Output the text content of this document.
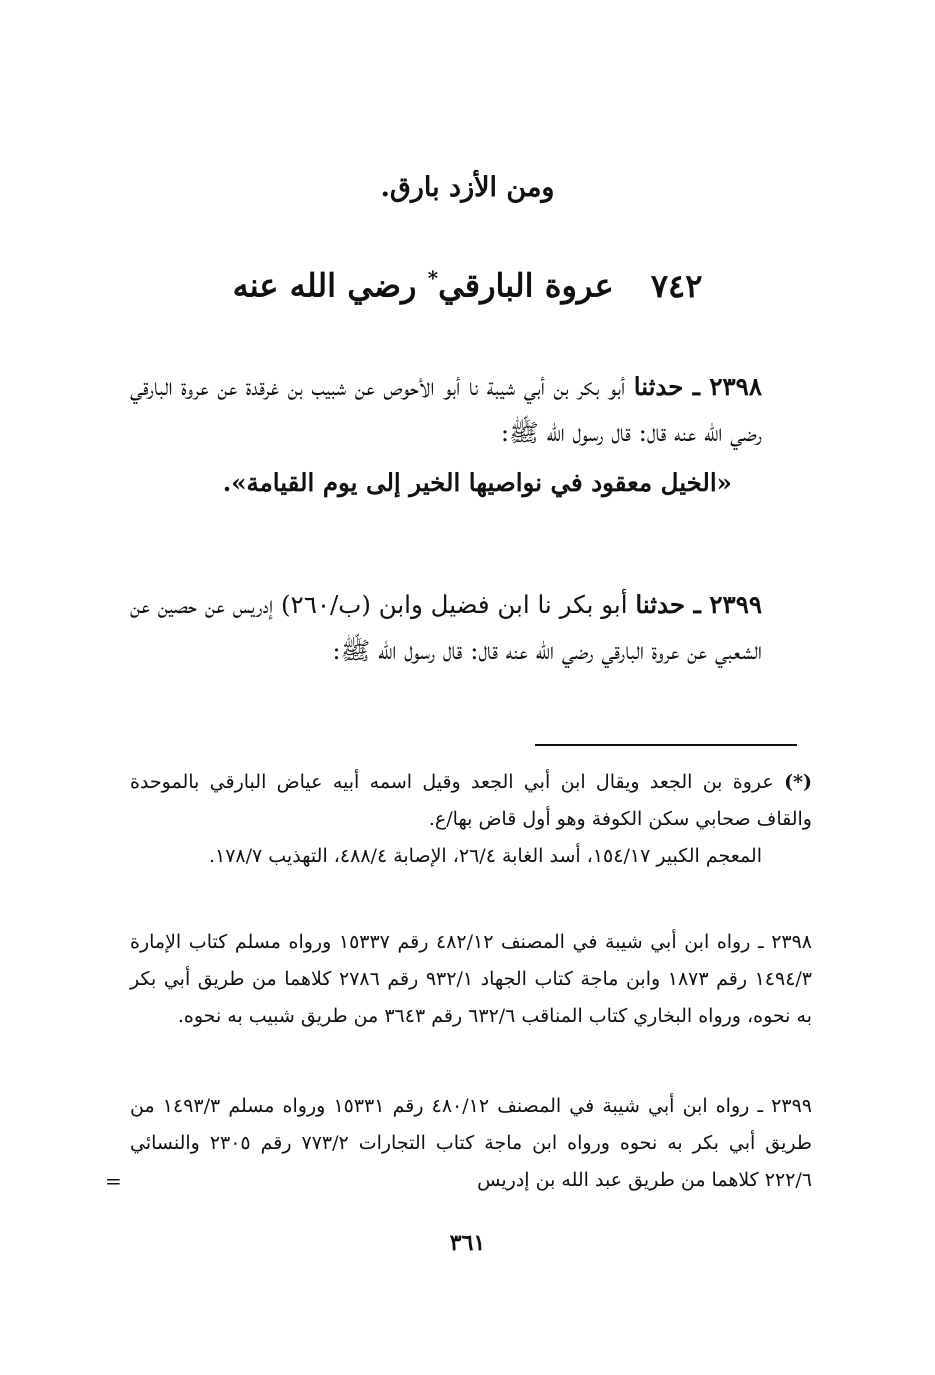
ومن الأزد بارق.
٧٤٢ عروة البارقي* رضي الله عنه

٢٣٩٨ ـ حدثنا أبو بكر بن أبي شيبة نا أبو الأحوص عن شبيب بن غرقدة عن عروة البارقي رضي الله عنه قال: قال رسول الله ﷺ:

«الخيل معقود في نواصيها الخير إلى يوم القيامة».

٢٣٩٩ ـ حدثنا أبو بكر نا ابن فضيل وابن (ب/٢٦٠) إدريس عن حصين عن الشعبي عن عروة البارقي رضي الله عنه قال: قال رسول الله ﷺ:

(*) عروة بن الجعد ويقال ابن أبي الجعد وقيل اسمه أبيه عياض البارقي بالموحدة والقاف صحابي سكن الكوفة وهو أول قاض بها/ع.

المعجم الكبير ١٥٤/١٧، أسد الغابة ٢٦/٤، الإصابة ٤٨٨/٤، التهذيب ١٧٨/٧.

٢٣٩٨ ـ رواه ابن أبي شيبة في المصنف ٤٨٢/١٢ رقم ١٥٣٣٧ ورواه مسلم كتاب الإمارة ١٤٩٤/٣ رقم ١٨٧٣ وابن ماجة كتاب الجهاد ٩٣٢/١ رقم ٢٧٨٦ كلاهما من طريق أبي بكر به نحوه، ورواه البخاري كتاب المناقب ٦٣٢/٦ رقم ٣٦٤٣ من طريق شبيب به نحوه.

٢٣٩٩ ـ رواه ابن أبي شيبة في المصنف ٤٨٠/١٢ رقم ١٥٣٣١ ورواه مسلم ١٤٩٣/٣ من طريق أبي بكر به نحوه ورواه ابن ماجة كتاب التجارات ٧٧٣/٢ رقم ٢٣٠٥ والنسائي ٢٢٢/٦ كلاهما من طريق عبد الله بن إدريس

=
٣٦١
